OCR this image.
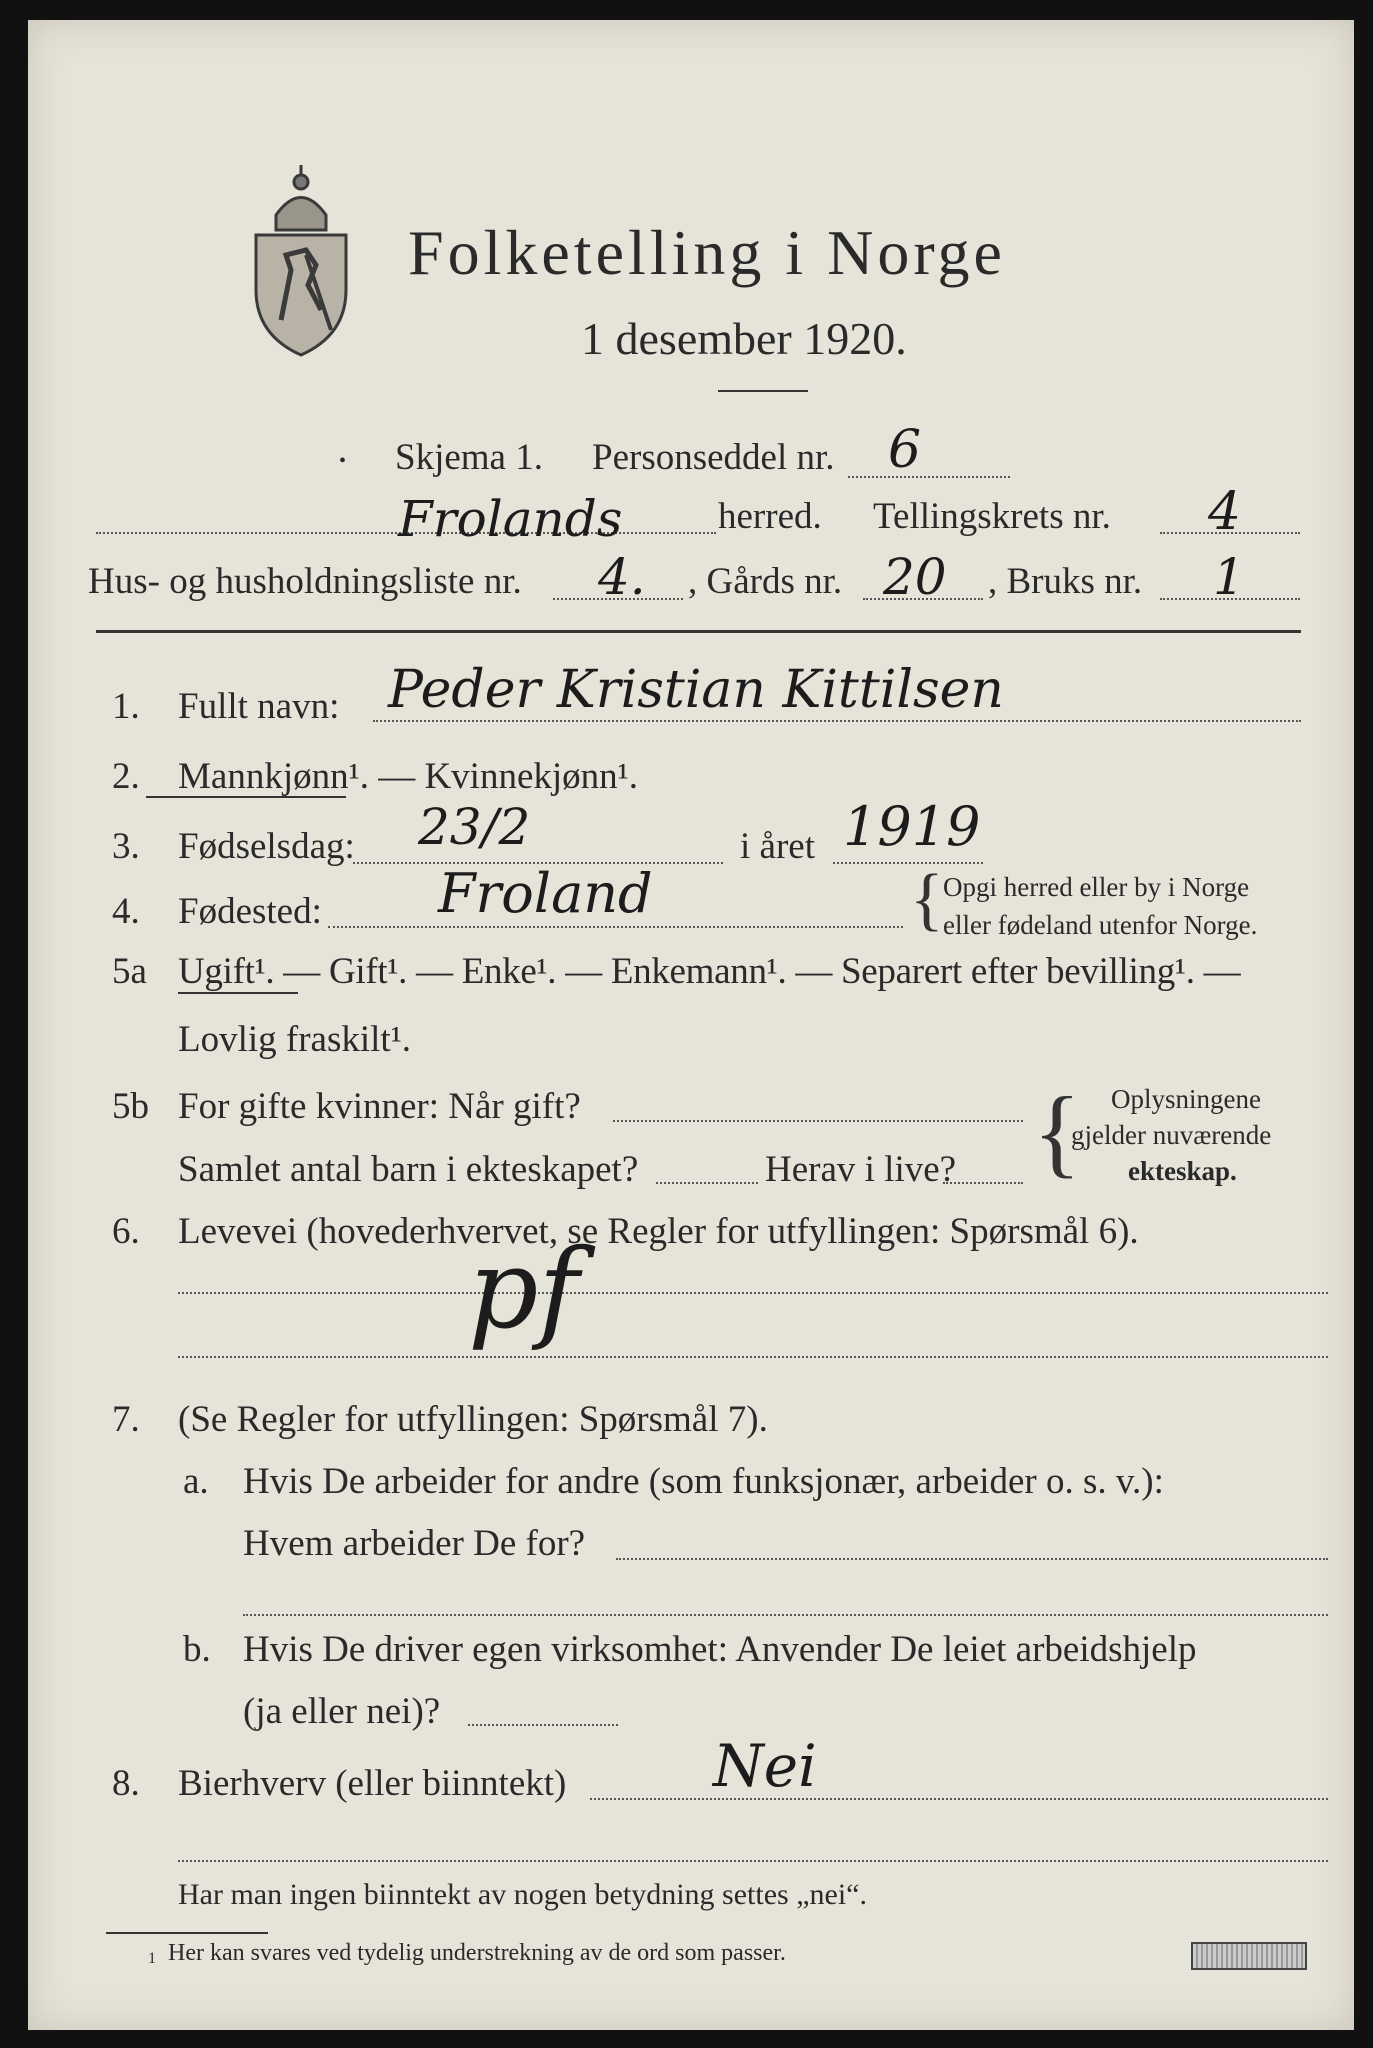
Folketelling i Norge
1 desember 1920.
• Skjema 1. Personseddel nr. 6
Frolands	herred. Tellingskrets nr. 4
Hus- og husholdningsliste nr. 4. , Gårds nr. 20 , Bruks nr. 1
1. Fullt navn: Peder Kristian Kittilsen
2. Mannkjønn¹. — Kvinnekjønn¹.
3. Fødselsdag: 23/2	i året 1919
4. Fødested: Froland	{ Opgi herred eller by i Norge
eller fødeland utenfor Norge.
5a Ugift¹. — Gift¹. — Enke¹. — Enkemann¹. — Separert efter bevilling¹. —
Lovlig fraskilt¹.
5b For gifte kvinner: Når gift?
Samlet antal barn i ekteskapet?	Herav i live? { Oplysningene
gjelder nuværende
ekteskap.
6. Levevei (hovederhvervet, se Regler for utfyllingen: Spørsmål 6).
pf
7. (Se Regler for utfyllingen: Spørsmål 7).
a. Hvis De arbeider for andre (som funksjonær, arbeider o. s. v.):
Hvem arbeider De for?
b. Hvis De driver egen virksomhet: Anvender De leiet arbeidshjelp
(ja eller nei)?
8. Bierhverv (eller biinntekt)	Nei
Har man ingen biinntekt av nogen betydning settes „nei“.
1 Her kan svares ved tydelig understrekning av de ord som passer.
